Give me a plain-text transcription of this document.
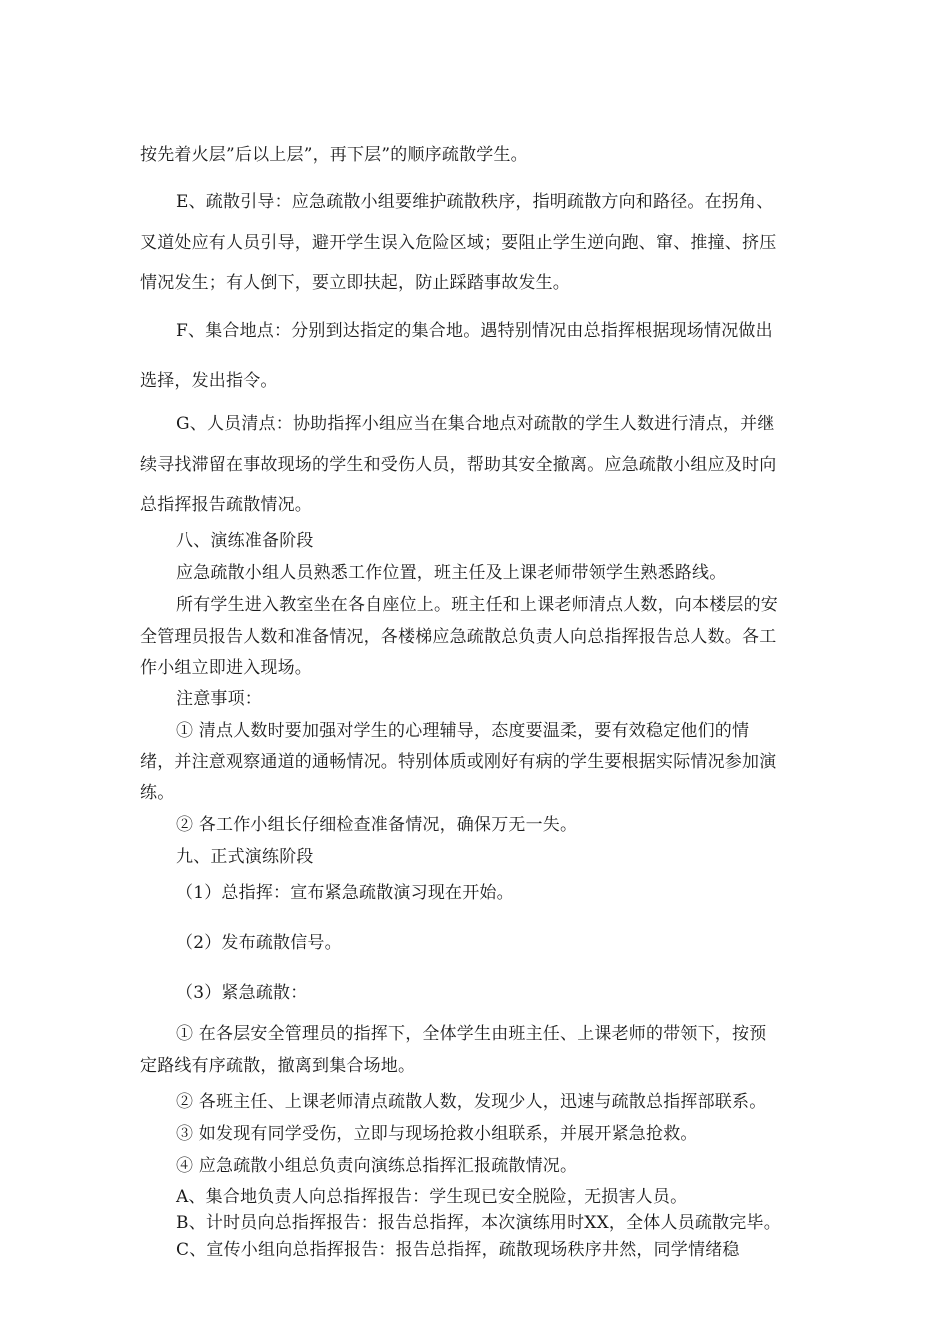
按先着火层”后以上层”，再下层”的顺序疏散学生。
E、疏散引导：应急疏散小组要维护疏散秩序，指明疏散方向和路径。在拐角、
叉道处应有人员引导，避开学生误入危险区域；要阻止学生逆向跑、窜、推撞、挤压
情况发生；有人倒下，要立即扶起，防止踩踏事故发生。
F、集合地点：分别到达指定的集合地。遇特别情况由总指挥根据现场情况做出
选择，发出指令。
G、人员清点：协助指挥小组应当在集合地点对疏散的学生人数进行清点，并继
续寻找滞留在事故现场的学生和受伤人员，帮助其安全撤离。应急疏散小组应及时向
总指挥报告疏散情况。
八、演练准备阶段
应急疏散小组人员熟悉工作位置，班主任及上课老师带领学生熟悉路线。
所有学生进入教室坐在各自座位上。班主任和上课老师清点人数，向本楼层的安
全管理员报告人数和准备情况，各楼梯应急疏散总负责人向总指挥报告总人数。各工
作小组立即进入现场。
注意事项：
① 清点人数时要加强对学生的心理辅导，态度要温柔，要有效稳定他们的情
绪，并注意观察通道的通畅情况。特别体质或刚好有病的学生要根据实际情况参加演
练。
② 各工作小组长仔细检查准备情况，确保万无一失。
九、正式演练阶段
（1）总指挥：宣布紧急疏散演习现在开始。
（2）发布疏散信号。
（3）紧急疏散：
① 在各层安全管理员的指挥下，全体学生由班主任、上课老师的带领下，按预
定路线有序疏散，撤离到集合场地。
② 各班主任、上课老师清点疏散人数，发现少人，迅速与疏散总指挥部联系。
③ 如发现有同学受伤，立即与现场抢救小组联系，并展开紧急抢救。
④ 应急疏散小组总负责向演练总指挥汇报疏散情况。
A、集合地负责人向总指挥报告：学生现已安全脱险，无损害人员。
B、计时员向总指挥报告：报告总指挥，本次演练用时XX，全体人员疏散完毕。
C、宣传小组向总指挥报告：报告总指挥，疏散现场秩序井然，同学情绪稳
